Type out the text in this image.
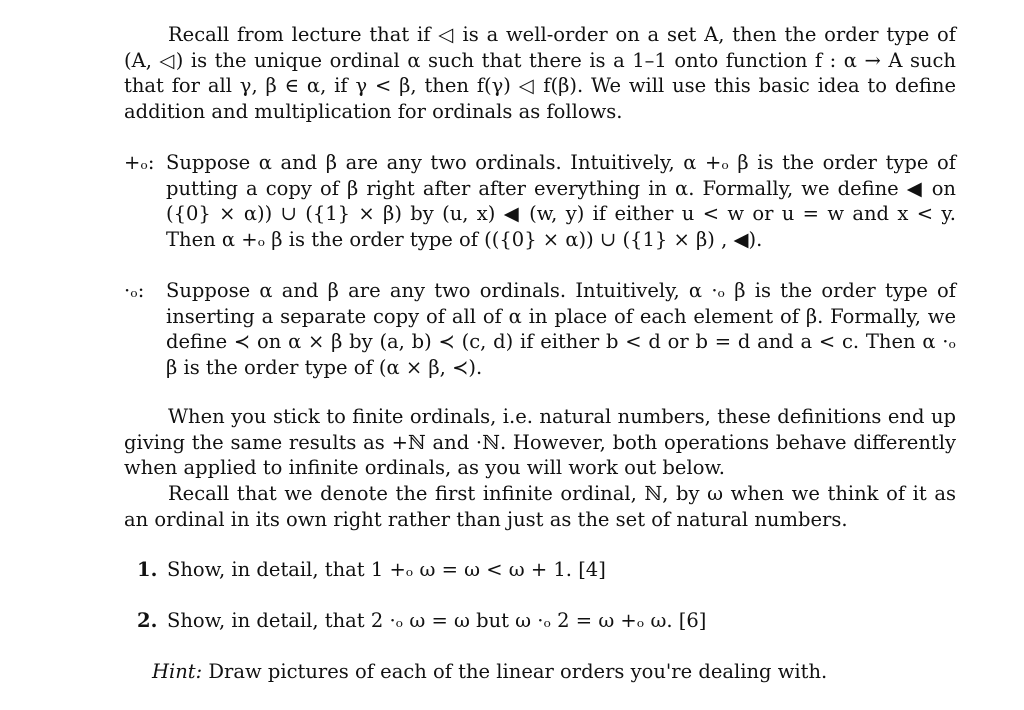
Recall from lecture that if ◁ is a well-order on a set A, then the order type of (A, ◁) is the unique ordinal α such that there is a 1–1 onto function f : α → A such that for all γ, β ∈ α, if γ < β, then f(γ) ◁ f(β). We will use this basic idea to define addition and multiplication for ordinals as follows.

+ₒ: Suppose α and β are any two ordinals. Intuitively, α +ₒ β is the order type of putting a copy of β right after after everything in α. Formally, we define ◀ on ({0} × α)) ∪ ({1} × β) by (u, x) ◀ (w, y) if either u < w or u = w and x < y. Then α +ₒ β is the order type of (({0} × α)) ∪ ({1} × β) , ◀).
·ₒ:	Suppose α and β are any two ordinals. Intuitively, α ·ₒ β is the order type of inserting a separate copy of all of α in place of each element of β. Formally, we define ≺ on α × β by (a, b) ≺ (c, d) if either b < d or b = d and a < c. Then α ·ₒ β is the order type of (α × β, ≺).

When you stick to finite ordinals, i.e. natural numbers, these definitions end up giving the same results as +ℕ and ·ℕ. However, both operations behave differently when applied to infinite ordinals, as you will work out below.

Recall that we denote the first infinite ordinal, ℕ, by ω when we think of it as an ordinal in its own right rather than just as the set of natural numbers.

1. Show, in detail, that 1 +ₒ ω = ω < ω + 1. [4]
2. Show, in detail, that 2 ·ₒ ω = ω but ω ·ₒ 2 = ω +ₒ ω. [6]
Hint: Draw pictures of each of the linear orders you're dealing with.
